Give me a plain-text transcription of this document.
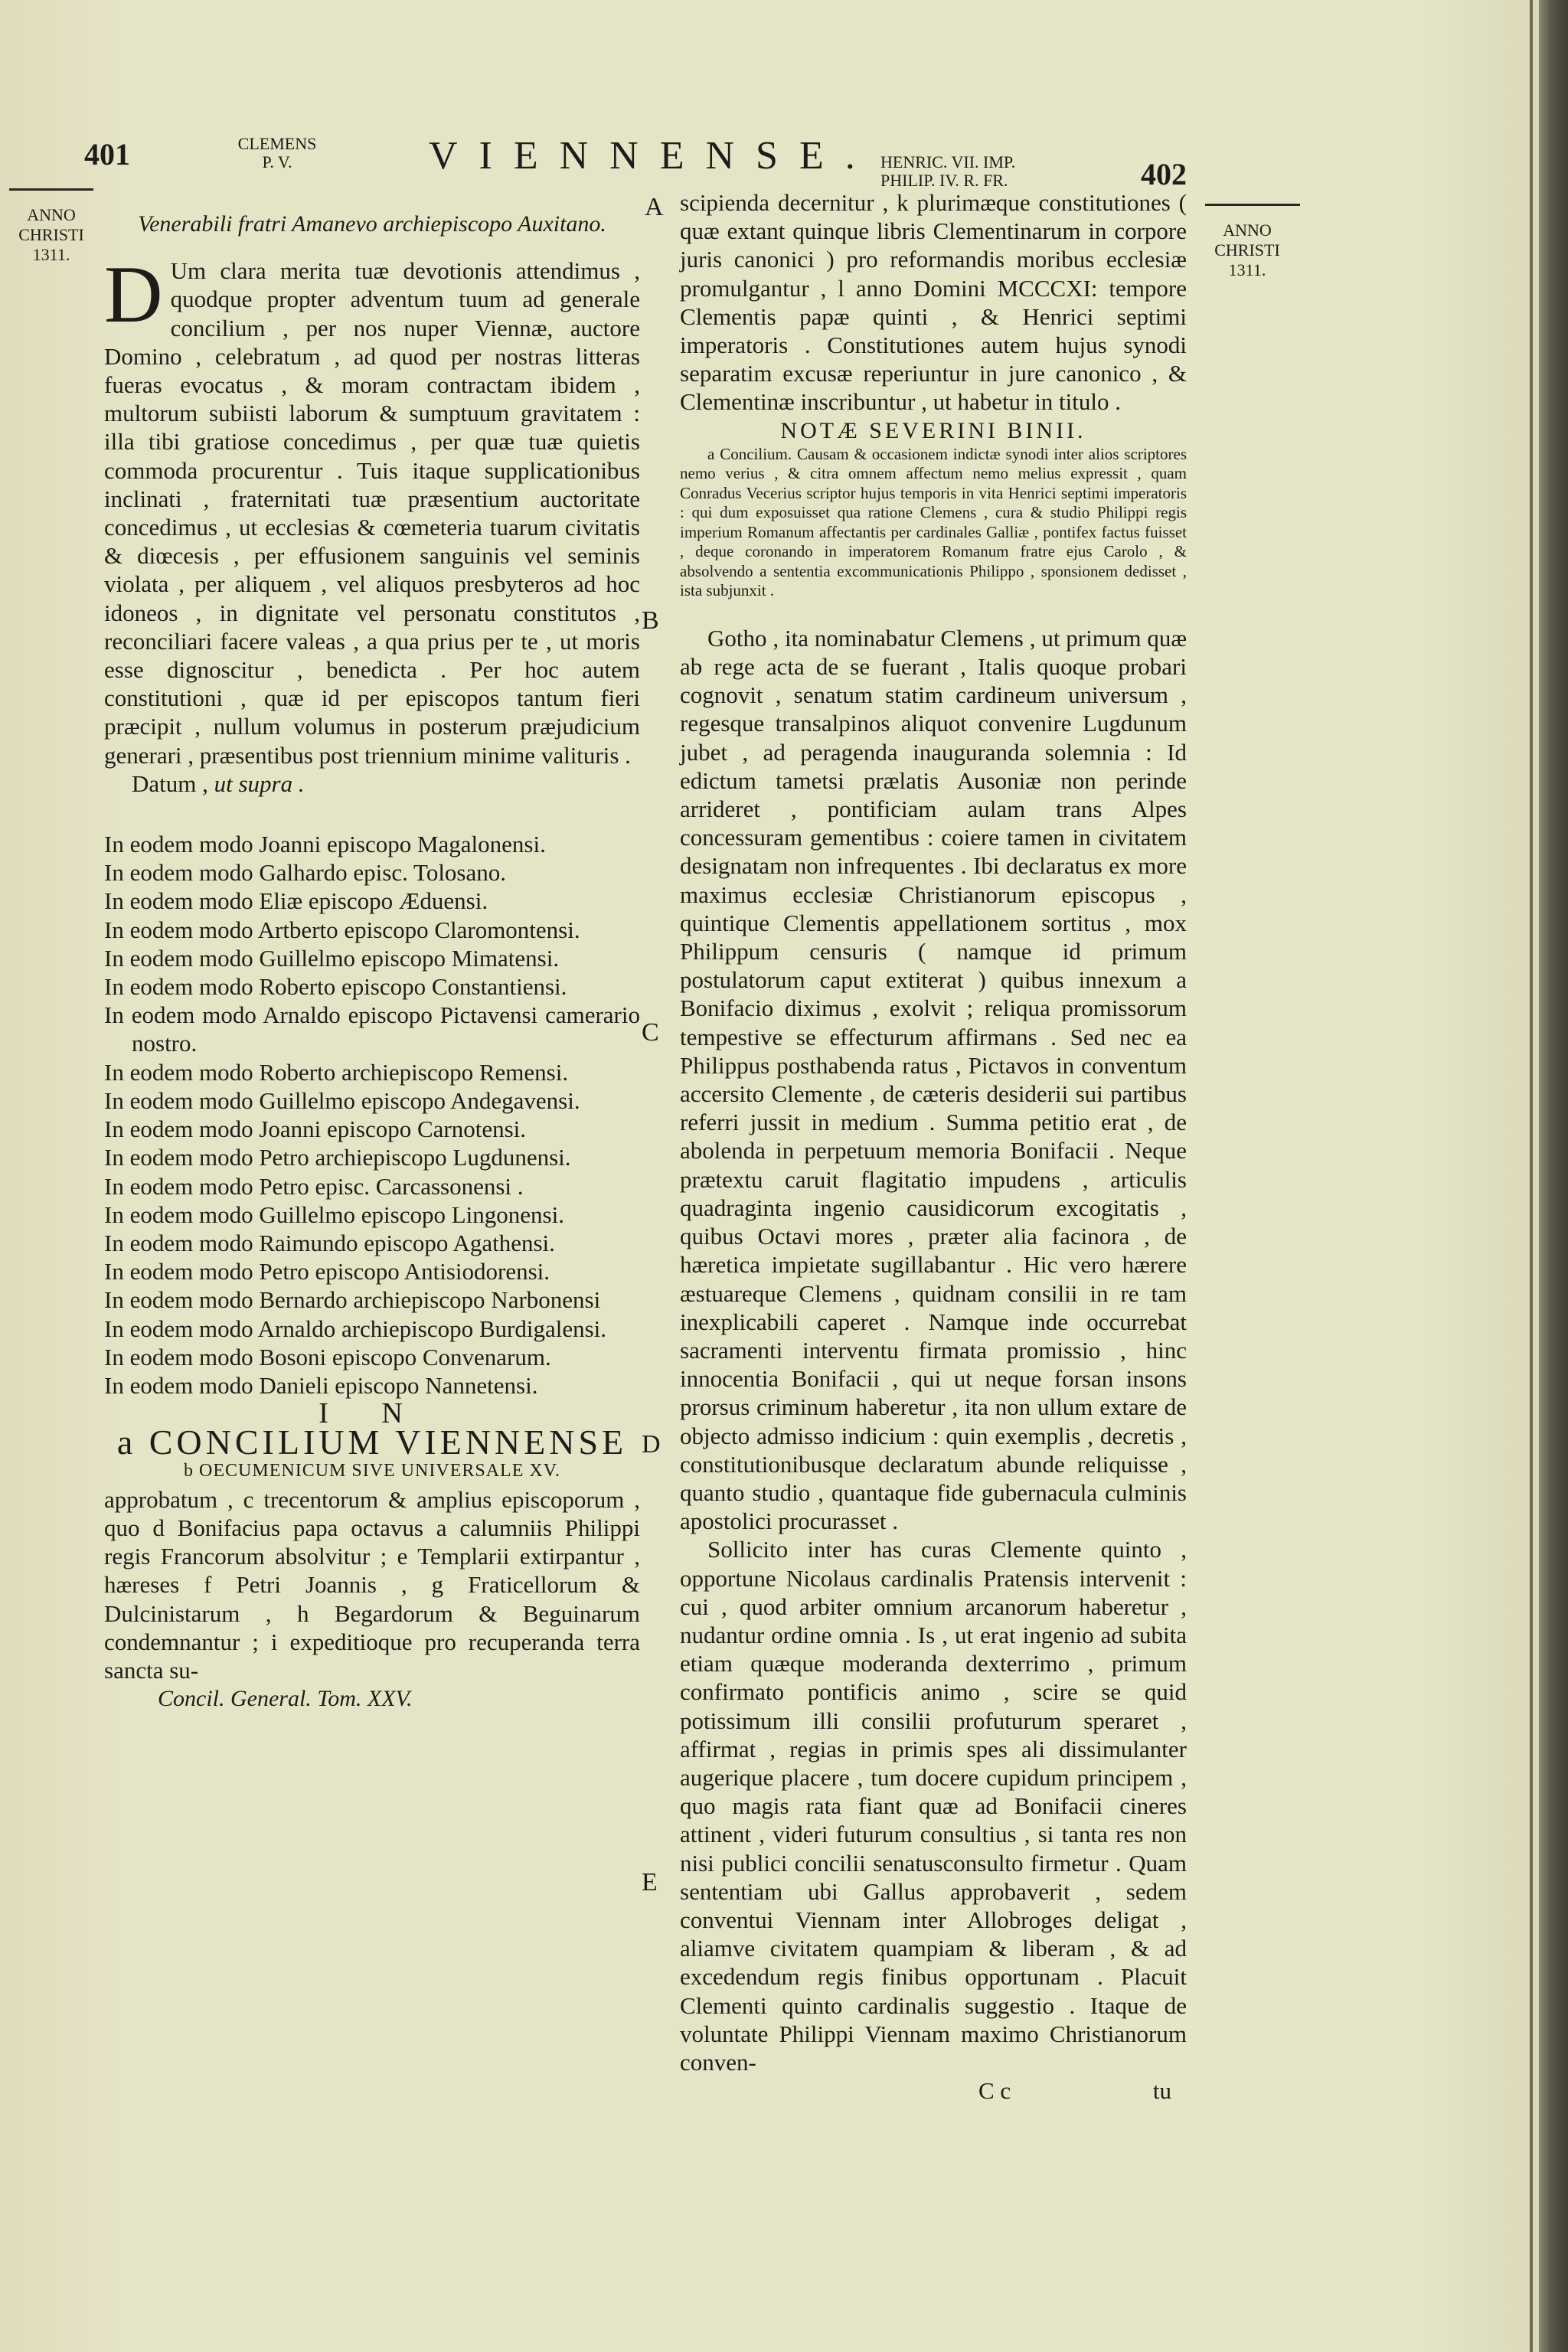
401	CLEMENS
P. V.	VIENNENSE. HENRIC. VII. IMP.
PHILIP. IV. R. FR.	402
ANNO
CHRISTI
1311.
ANNO
CHRISTI
1311.
A
B
C
D
E

Venerabili fratri Amanevo archiepiscopo Auxitano.

D Um clara merita tuæ devotionis attendimus , quodque propter adventum tuum ad generale concilium , per nos nuper Viennæ, auctore Domino , celebratum , ad quod per nostras litteras fueras evocatus , & moram contractam ibidem , multorum subiisti laborum & sumptuum gravitatem : illa tibi gratiose concedimus , per quæ tuæ quietis commoda procurentur . Tuis itaque supplicationibus inclinati , fraternitati tuæ præsentium auctoritate concedimus , ut ecclesias & cœmeteria tuarum civitatis & diœcesis , per effusionem sanguinis vel seminis violata , per aliquem , vel aliquos presbyteros ad hoc idoneos , in dignitate vel personatu constitutos , reconciliari facere valeas , a qua prius per te , ut moris esse dignoscitur , benedicta . Per hoc autem constitutioni , quæ id per episcopos tantum fieri præcipit , nullum volumus in posterum præjudicium generari , præsentibus post triennium minime valituris .

Datum , ut supra .

In eodem modo Joanni episcopo Magalonensi.

In eodem modo Galhardo episc. Tolosano.

In eodem modo Eliæ episcopo Æduensi.

In eodem modo Artberto episcopo Claromontensi.

In eodem modo Guillelmo episcopo Mimatensi.

In eodem modo Roberto episcopo Constantiensi.

In eodem modo Arnaldo episcopo Pictavensi camerario nostro.

In eodem modo Roberto archiepiscopo Remensi.

In eodem modo Guillelmo episcopo Andegavensi.

In eodem modo Joanni episcopo Carnotensi.

In eodem modo Petro archiepiscopo Lugdunensi.

In eodem modo Petro episc. Carcassonensi .

In eodem modo Guillelmo episcopo Lingonensi.

In eodem modo Raimundo episcopo Agathensi.

In eodem modo Petro episcopo Antisiodorensi.

In eodem modo Bernardo archiepiscopo Narbonensi

In eodem modo Arnaldo archiepiscopo Burdigalensi.

In eodem modo Bosoni episcopo Convenarum.

In eodem modo Danieli episcopo Nannetensi.

I N

a CONCILIUM VIENNENSE

b OECUMENICUM SIVE UNIVERSALE XV.

approbatum , c trecentorum & amplius episcoporum , quo d Bonifacius papa octavus a calumniis Philippi regis Francorum absolvitur ; e Templarii extirpantur , hæreses f Petri Joannis , g Fraticellorum & Dulcinistarum , h Begardorum & Beguinarum condemnantur ; i expeditioque pro recuperanda terra sancta su-

Concil. General. Tom. XXV.

scipienda decernitur , k plurimæque constitutiones ( quæ extant quinque libris Clementinarum in corpore juris canonici ) pro reformandis moribus ecclesiæ promulgantur , l anno Domini MCCCXI: tempore Clementis papæ quinti , & Henrici septimi imperatoris . Constitutiones autem hujus synodi separatim excusæ reperiuntur in jure canonico , & Clementinæ inscribuntur , ut habetur in titulo .

NOTÆ SEVERINI BINII.

a Concilium. Causam & occasionem indictæ synodi inter alios scriptores nemo verius , & citra omnem affectum nemo melius expressit , quam Conradus Vecerius scriptor hujus temporis in vita Henrici septimi imperatoris : qui dum exposuisset qua ratione Clemens , cura & studio Philippi regis imperium Romanum affectantis per cardinales Galliæ , pontifex factus fuisset , deque coronando in imperatorem Romanum fratre ejus Carolo , & absolvendo a sententia excommunicationis Philippo , sponsionem dedisset , ista subjunxit .

Gotho , ita nominabatur Clemens , ut primum quæ ab rege acta de se fuerant , Italis quoque probari cognovit , senatum statim cardineum universum , regesque transalpinos aliquot convenire Lugdunum jubet , ad peragenda inauguranda solemnia : Id edictum tametsi prælatis Ausoniæ non perinde arrideret , pontificiam aulam trans Alpes concessuram gementibus : coiere tamen in civitatem designatam non infrequentes . Ibi declaratus ex more maximus ecclesiæ Christianorum episcopus , quintique Clementis appellationem sortitus , mox Philippum censuris ( namque id primum postulatorum caput extiterat ) quibus innexum a Bonifacio diximus , exolvit ; reliqua promissorum tempestive se effecturum affirmans . Sed nec ea Philippus posthabenda ratus , Pictavos in conventum accersito Clemente , de cæteris desiderii sui partibus referri jussit in medium . Summa petitio erat , de abolenda in perpetuum memoria Bonifacii . Neque prætextu caruit flagitatio impudens , articulis quadraginta ingenio causidicorum excogitatis , quibus Octavi mores , præter alia facinora , de hæretica impietate sugillabantur . Hic vero hærere æstuareque Clemens , quidnam consilii in re tam inexplicabili caperet . Namque inde occurrebat sacramenti interventu firmata promissio , hinc innocentia Bonifacii , qui ut neque forsan insons prorsus criminum haberetur , ita non ullum extare de objecto admisso indicium : quin exemplis , decretis , constitutionibusque declaratum abunde reliquisse , quanto studio , quantaque fide gubernacula culminis apostolici procurasset .

Sollicito inter has curas Clemente quinto , opportune Nicolaus cardinalis Pratensis intervenit : cui , quod arbiter omnium arcanorum haberetur , nudantur ordine omnia . Is , ut erat ingenio ad subita etiam quæque moderanda dexterrimo , primum confirmato pontificis animo , scire se quid potissimum illi consilii profuturum speraret , affirmat , regias in primis spes ali dissimulanter augerique placere , tum docere cupidum principem , quo magis rata fiant quæ ad Bonifacii cineres attinent , videri futurum consultius , si tanta res non nisi publici concilii senatusconsulto firmetur . Quam sententiam ubi Gallus approbaverit , sedem conventui Viennam inter Allobroges deligat , aliamve civitatem quampiam & liberam , & ad excedendum regis finibus opportunam . Placuit Clementi quinto cardinalis suggestio . Itaque de voluntate Philippi Viennam maximo Christianorum conven-

C c	tu
